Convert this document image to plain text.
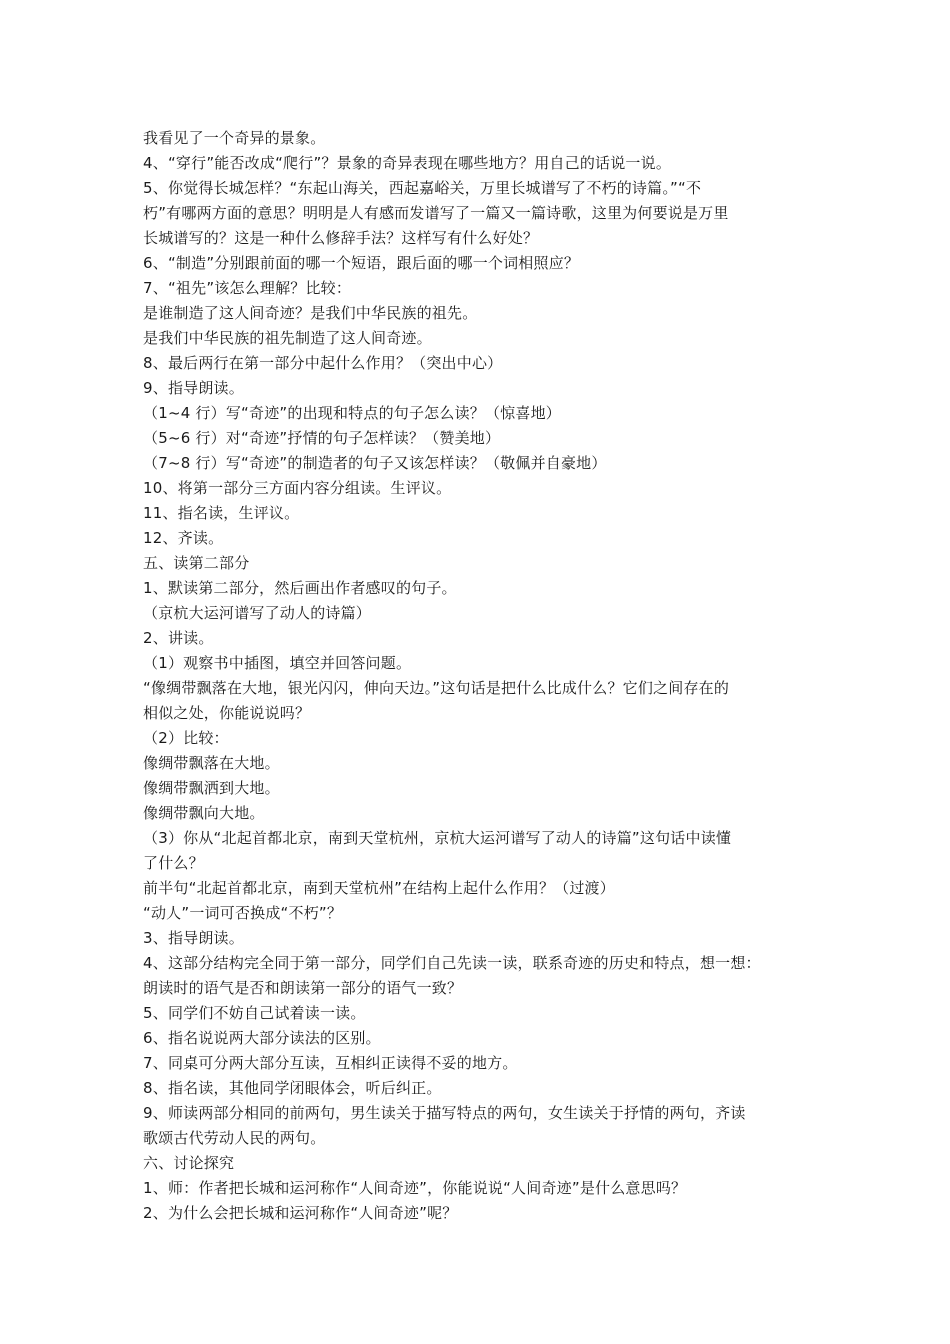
我看见了一个奇异的景象。
4、“穿行”能否改成“爬行”？景象的奇异表现在哪些地方？用自己的话说一说。
5、你觉得长城怎样？“东起山海关，西起嘉峪关，万里长城谱写了不朽的诗篇。”“不
朽”有哪两方面的意思？明明是人有感而发谱写了一篇又一篇诗歌，这里为何要说是万里
长城谱写的？这是一种什么修辞手法？这样写有什么好处？
6、“制造”分别跟前面的哪一个短语，跟后面的哪一个词相照应？
7、“祖先”该怎么理解？比较：
是谁制造了这人间奇迹？是我们中华民族的祖先。
是我们中华民族的祖先制造了这人间奇迹。
8、最后两行在第一部分中起什么作用？（突出中心）
9、指导朗读。
（1~4 行）写“奇迹”的出现和特点的句子怎么读？（惊喜地）
（5~6 行）对“奇迹”抒情的句子怎样读？（赞美地）
（7~8 行）写“奇迹”的制造者的句子又该怎样读？（敬佩并自豪地）
10、将第一部分三方面内容分组读。生评议。
11、指名读，生评议。
12、齐读。
五、读第二部分
1、默读第二部分，然后画出作者感叹的句子。
（京杭大运河谱写了动人的诗篇）
2、讲读。
（1）观察书中插图，填空并回答问题。
“像绸带飘落在大地，银光闪闪，伸向天边。”这句话是把什么比成什么？它们之间存在的
相似之处，你能说说吗？
（2）比较：
像绸带飘落在大地。
像绸带飘洒到大地。
像绸带飘向大地。
（3）你从“北起首都北京，南到天堂杭州，京杭大运河谱写了动人的诗篇”这句话中读懂
了什么？
前半句“北起首都北京，南到天堂杭州”在结构上起什么作用？（过渡）
“动人”一词可否换成“不朽”？
3、指导朗读。
4、这部分结构完全同于第一部分，同学们自己先读一读，联系奇迹的历史和特点，想一想：
朗读时的语气是否和朗读第一部分的语气一致？
5、同学们不妨自己试着读一读。
6、指名说说两大部分读法的区别。
7、同桌可分两大部分互读，互相纠正读得不妥的地方。
8、指名读，其他同学闭眼体会，听后纠正。
9、师读两部分相同的前两句，男生读关于描写特点的两句，女生读关于抒情的两句，齐读
歌颂古代劳动人民的两句。
六、讨论探究
1、师：作者把长城和运河称作“人间奇迹”，你能说说“人间奇迹”是什么意思吗？
2、为什么会把长城和运河称作“人间奇迹”呢？
